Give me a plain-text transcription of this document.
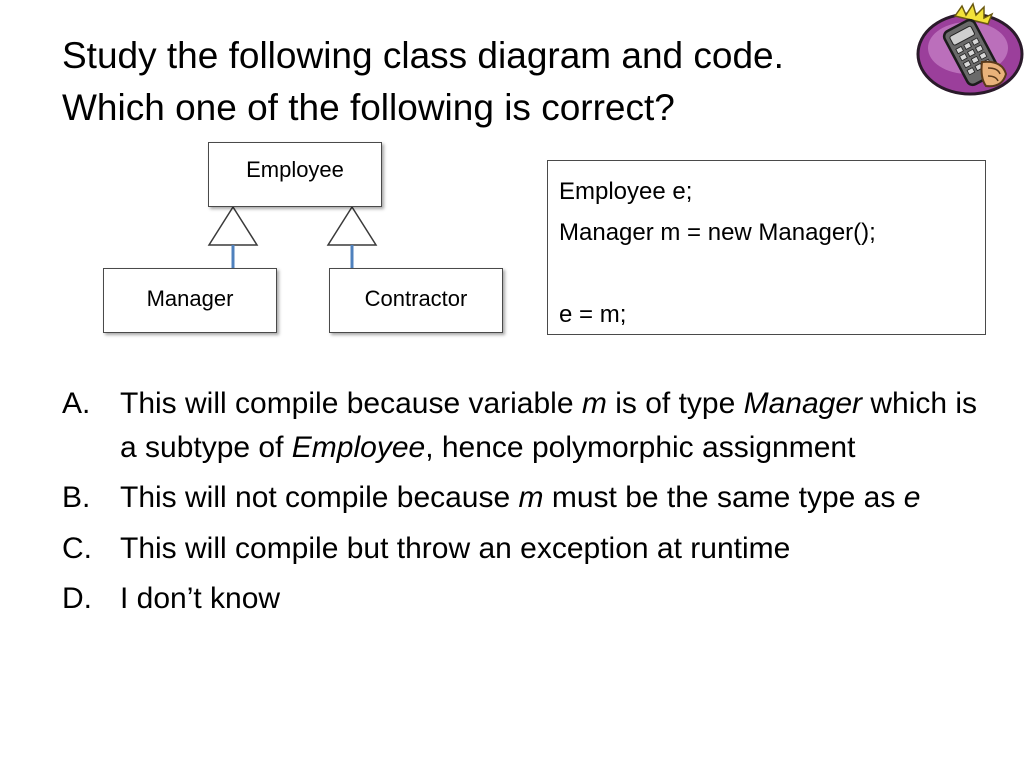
Study the following class diagram and code.
Which one of the following is correct?
Employee
Manager	Contractor
Employee e;
Manager m = new Manager();
e = m;
A. This will compile because variable m is of type Manager which is a subtype of Employee, hence polymorphic assignment
B. This will not compile because m must be the same type as e
C. This will compile but throw an exception at runtime
D. I don’t know
